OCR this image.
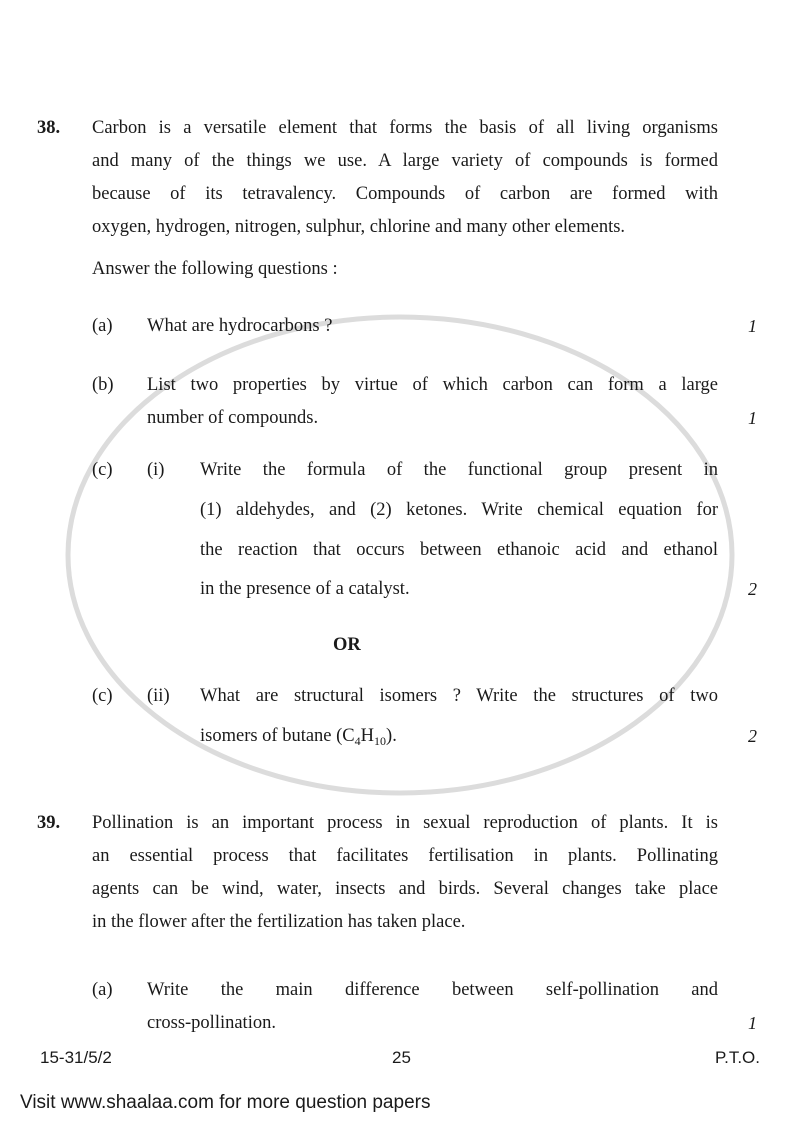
38. Carbon is a versatile element that forms the basis of all living organisms
and many of the things we use. A large variety of compounds is formed
because of its tetravalency. Compounds of carbon are formed with
oxygen, hydrogen, nitrogen, sulphur, chlorine and many other elements.
Answer the following questions :
(a) What are hydrocarbons ?	1
(b) List two properties by virtue of which carbon can form a large
number of compounds.	1
(c) (i) Write the formula of the functional group present in
(1) aldehydes, and (2) ketones. Write chemical equation for
the reaction that occurs between ethanoic acid and ethanol
in the presence of a catalyst.	2
OR
(c) (ii) What are structural isomers ? Write the structures of two
isomers of butane $(C_4H_{10})$.	2
39. Pollination is an important process in sexual reproduction of plants. It is
an essential process that facilitates fertilisation in plants. Pollinating
agents can be wind, water, insects and birds. Several changes take place
in the flower after the fertilization has taken place.
(a) Write the main difference between self-pollination and
cross-pollination.	1
15-31/5/2	25	P.T.O.
Visit www.shaalaa.com for more question papers
